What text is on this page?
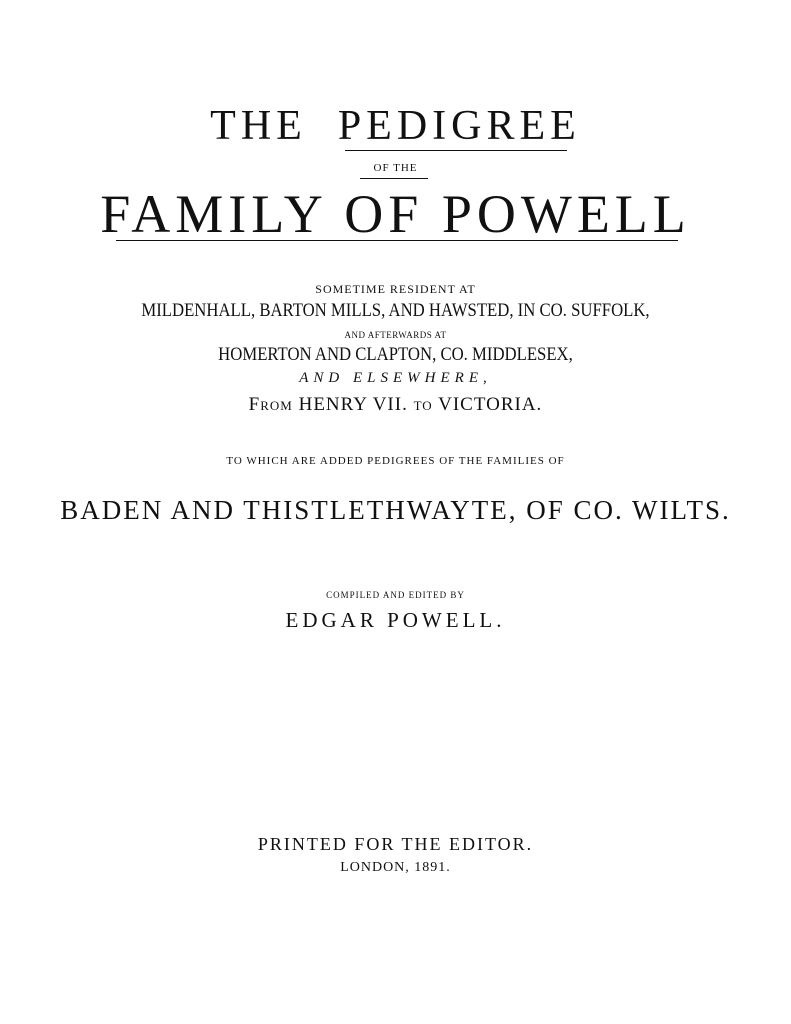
THE PEDIGREE
OF THE
FAMILY OF POWELL
SOMETIME RESIDENT AT
MILDENHALL, BARTON MILLS, AND HAWSTED, IN CO. SUFFOLK,
AND AFTERWARDS AT
HOMERTON AND CLAPTON, CO. MIDDLESEX,
AND ELSEWHERE,
From HENRY VII. to VICTORIA.
TO WHICH ARE ADDED PEDIGREES OF THE FAMILIES OF
BADEN AND THISTLETHWAYTE, OF CO. WILTS.
COMPILED AND EDITED BY
EDGAR POWELL.
PRINTED FOR THE EDITOR.
LONDON, 1891.
